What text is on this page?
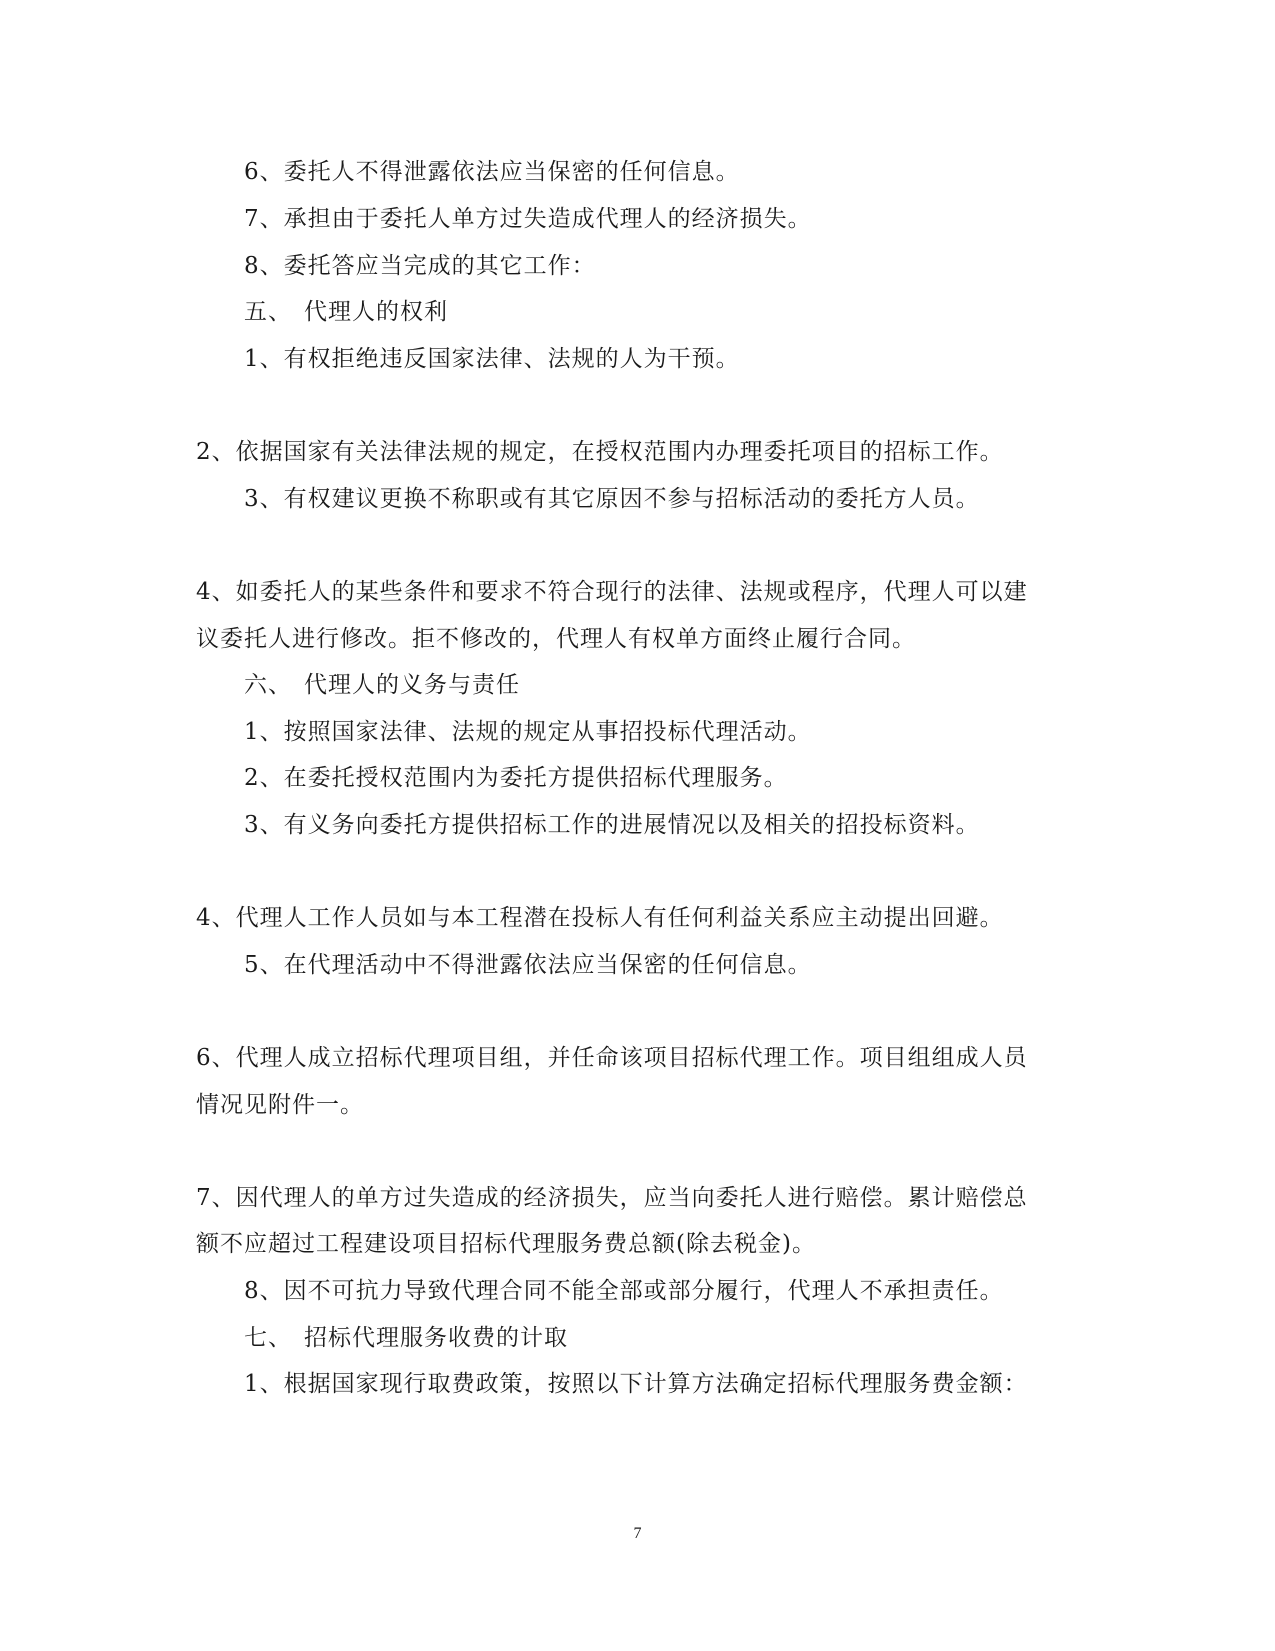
6、委托人不得泄露依法应当保密的任何信息。
7、承担由于委托人单方过失造成代理人的经济损失。
8、委托答应当完成的其它工作：
五、 代理人的权利
1、有权拒绝违反国家法律、法规的人为干预。
2、依据国家有关法律法规的规定，在授权范围内办理委托项目的招标工作。
3、有权建议更换不称职或有其它原因不参与招标活动的委托方人员。
4、如委托人的某些条件和要求不符合现行的法律、法规或程序，代理人可以建
议委托人进行修改。拒不修改的，代理人有权单方面终止履行合同。
六、 代理人的义务与责任
1、按照国家法律、法规的规定从事招投标代理活动。
2、在委托授权范围内为委托方提供招标代理服务。
3、有义务向委托方提供招标工作的进展情况以及相关的招投标资料。
4、代理人工作人员如与本工程潜在投标人有任何利益关系应主动提出回避。
5、在代理活动中不得泄露依法应当保密的任何信息。
6、代理人成立招标代理项目组，并任命该项目招标代理工作。项目组组成人员
情况见附件一。
7、因代理人的单方过失造成的经济损失，应当向委托人进行赔偿。累计赔偿总
额不应超过工程建设项目招标代理服务费总额(除去税金)。
8、因不可抗力导致代理合同不能全部或部分履行，代理人不承担责任。
七、 招标代理服务收费的计取
1、根据国家现行取费政策，按照以下计算方法确定招标代理服务费金额：
7
